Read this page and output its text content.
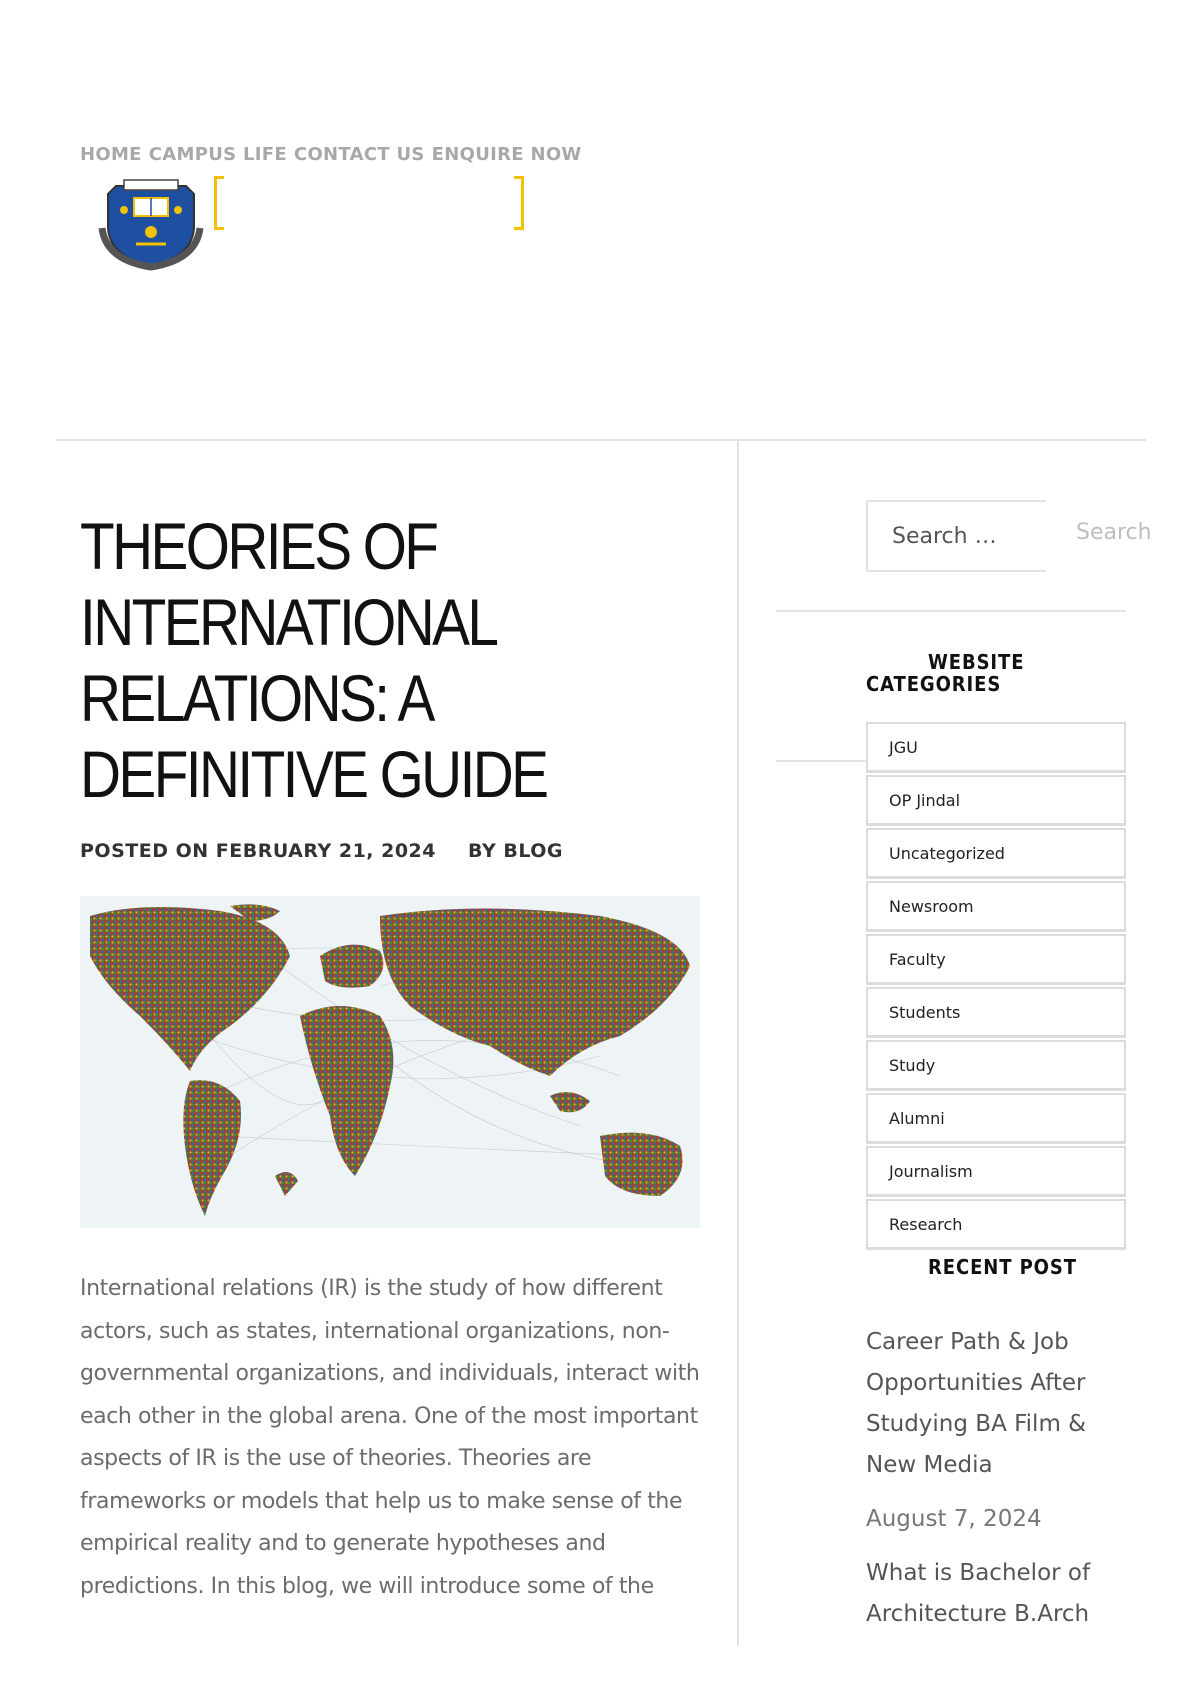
HOME CAMPUS LIFE CONTACT US ENQUIRE NOW
THEORIES OF INTERNATIONAL RELATIONS: A DEFINITIVE GUIDE
POSTED ON FEBRUARY 21, 2024 BY BLOG

International relations (IR) is the study of how different actors, such as states, international organizations, non-governmental organizations, and individuals, interact with each other in the global arena. One of the most important aspects of IR is the use of theories. Theories are frameworks or models that help us to make sense of the empirical reality and to generate hypotheses and predictions. In this blog, we will introduce some of the

Search …
Search
WEBSITE
CATEGORIES
JGU
OP Jindal
Uncategorized
Newsroom
Faculty
Students
Study
Alumni
Journalism
Research
RECENT POST
Career Path & Job Opportunities After Studying BA Film & New Media
August 7, 2024
What is Bachelor of Architecture B.Arch
